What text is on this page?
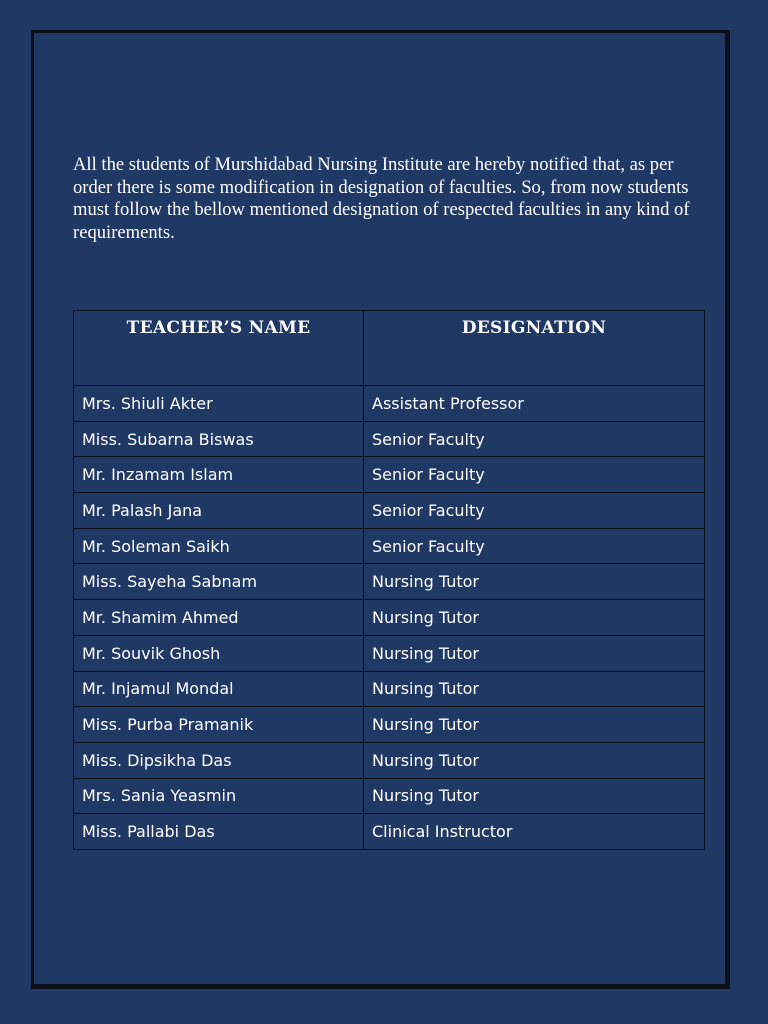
All the students of Murshidabad Nursing Institute are hereby notified that, as per order there is some modification in designation of faculties. So, from now students must follow the bellow mentioned designation of respected faculties in any kind of requirements.

TEACHER’S NAME	DESIGNATION
Mrs. Shiuli Akter	Assistant Professor
Miss. Subarna Biswas	Senior Faculty
Mr. Inzamam Islam	Senior Faculty
Mr. Palash Jana	Senior Faculty
Mr. Soleman Saikh	Senior Faculty
Miss. Sayeha Sabnam	Nursing Tutor
Mr. Shamim Ahmed	Nursing Tutor
Mr. Souvik Ghosh	Nursing Tutor
Mr. Injamul Mondal	Nursing Tutor
Miss. Purba Pramanik	Nursing Tutor
Miss. Dipsikha Das	Nursing Tutor
Mrs. Sania Yeasmin	Nursing Tutor
Miss. Pallabi Das	Clinical Instructor
